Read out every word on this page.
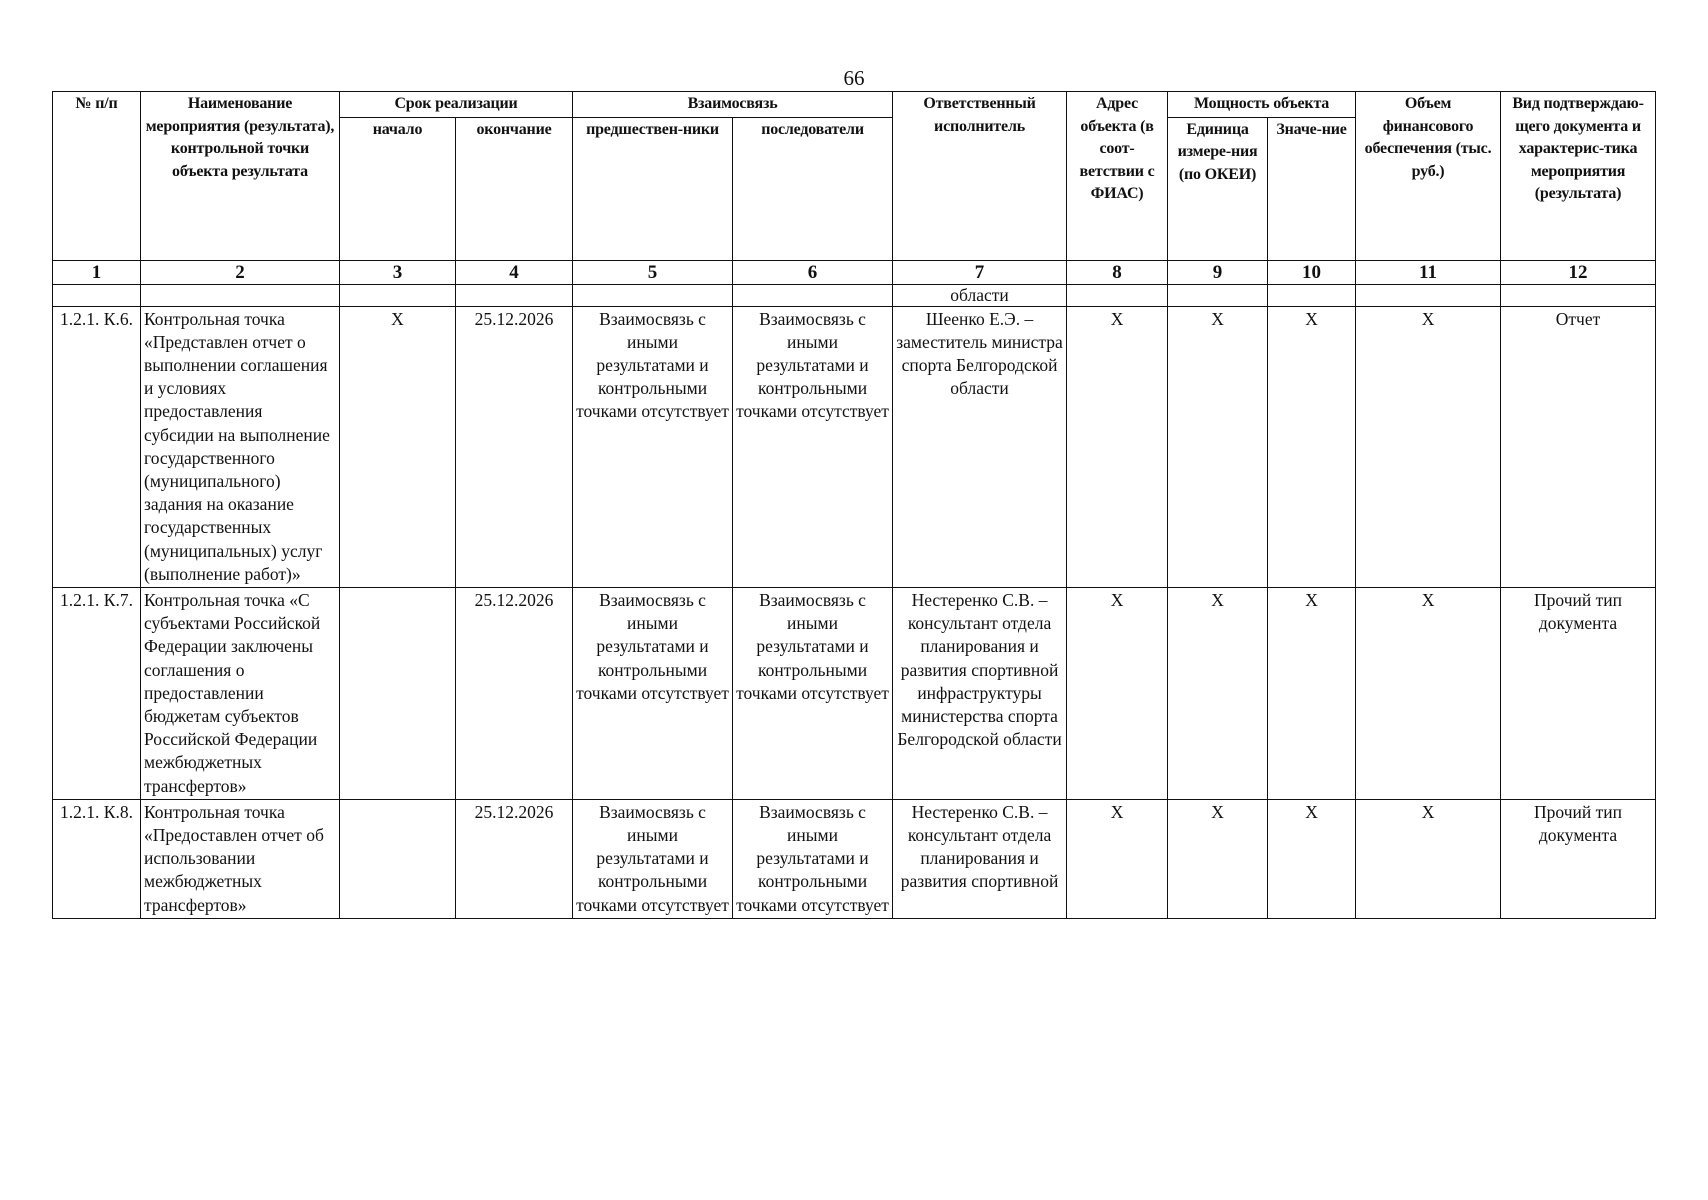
66
№ п/п	Наименование мероприятия (результата), контрольной точки объекта результата	Срок реализации		Взаимосвязь		Ответственный исполнитель	Адрес объекта (в соот-ветствии с ФИАС)	Мощность объекта		Объем финансового обеспечения (тыс. руб.)	Вид подтверждаю-щего документа и характерис-тика мероприятия (результата)
		начало	окончание	предшествен-ники	последователи			Единица измере-ния (по ОКЕИ)	Значе-ние		
1	2	3	4	5	6	7	8	9	10	11	12
						области					
1.2.1. К.6.	Контрольная точка «Представлен отчет о выполнении соглашения и условиях предоставления субсидии на выполнение государственного (муниципального) задания на оказание государственных (муниципальных) услуг (выполнение работ)»	X	25.12.2026	Взаимосвязь с иными результатами и контрольными точками отсутствует	Взаимосвязь с иными результатами и контрольными точками отсутствует	Шеенко Е.Э. – заместитель министра спорта Белгородской области	X	X	X	X	Отчет
1.2.1. К.7.	Контрольная точка «С субъектами Российской Федерации заключены соглашения о предоставлении бюджетам субъектов Российской Федерации межбюджетных трансфертов»		25.12.2026	Взаимосвязь с иными результатами и контрольными точками отсутствует	Взаимосвязь с иными результатами и контрольными точками отсутствует	Нестеренко С.В. – консультант отдела планирования и развития спортивной инфраструктуры министерства спорта Белгородской области	X	X	X	X	Прочий тип документа
1.2.1. К.8.	Контрольная точка «Предоставлен отчет об использовании межбюджетных трансфертов»		25.12.2026	Взаимосвязь с иными результатами и контрольными точками отсутствует	Взаимосвязь с иными результатами и контрольными точками отсутствует	Нестеренко С.В. – консультант отдела планирования и развития спортивной	X	X	X	X	Прочий тип документа
